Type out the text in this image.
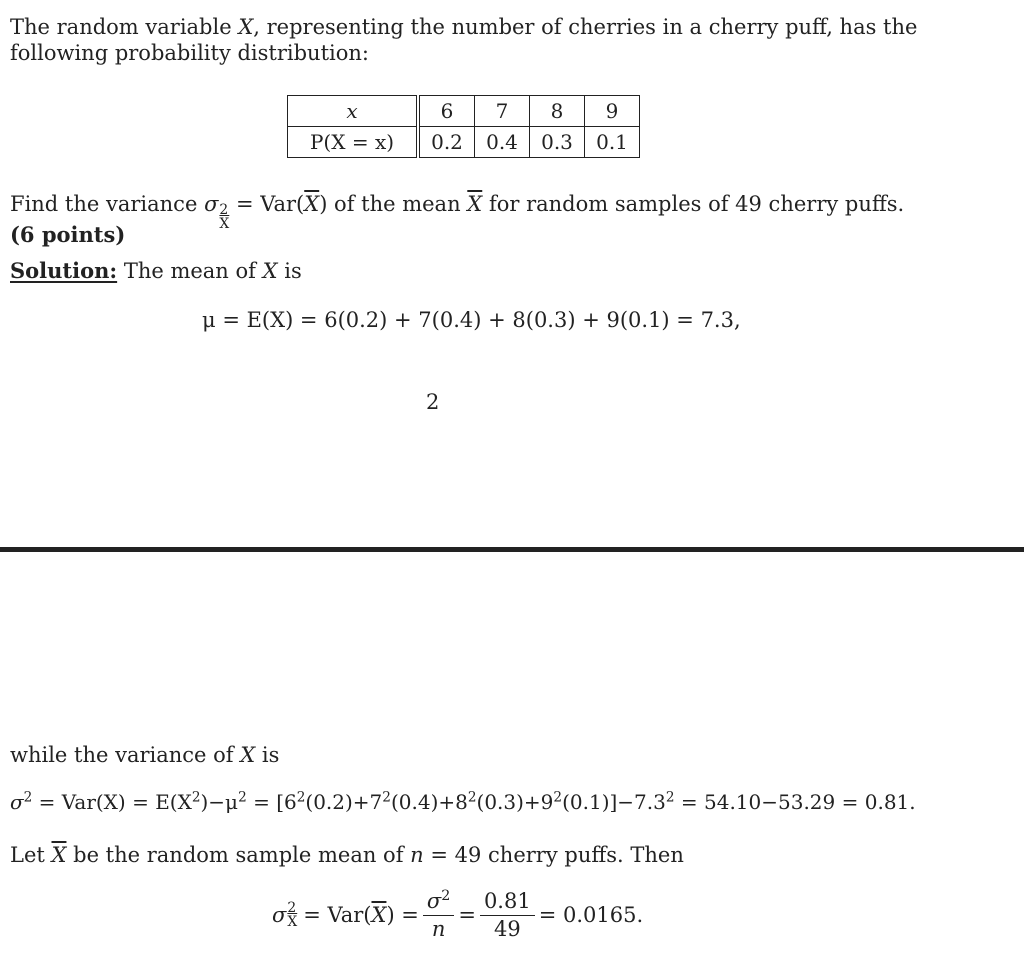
The random variable X, representing the number of cherries in a cherry puff, has the
following probability distribution:
x	6	7	8	9
P(X = x)	0.2	0.4	0.3	0.1
Find the variance σ
$\frac{2}{X}$
= $Var(\overline{X})$ of the mean $\overline{X}$ for random samples of 49 cherry puffs.
(6 points)
Solution: The mean of X is
μ = E(X) = 6(0.2) + 7(0.4) + 8(0.3) + 9(0.1) = 7.3,
2
while the variance of X is
$\sigma^2 = Var(X) = E(X^2)-\mu^2 = [6^2(0.2)+7^2(0.4)+8^2(0.3)+9^2(0.1)]-7.3^2 = 54.10-53.29 = 0.81$.
Let $\overline{X}$ be the random sample mean of n = 49 cherry puffs. Then
σ $\frac{2}{X} = Var$( $\overline{X}$ ) = $\frac{\sigma^2}{n} = \frac{0.81}{49} = 0.0165$.
